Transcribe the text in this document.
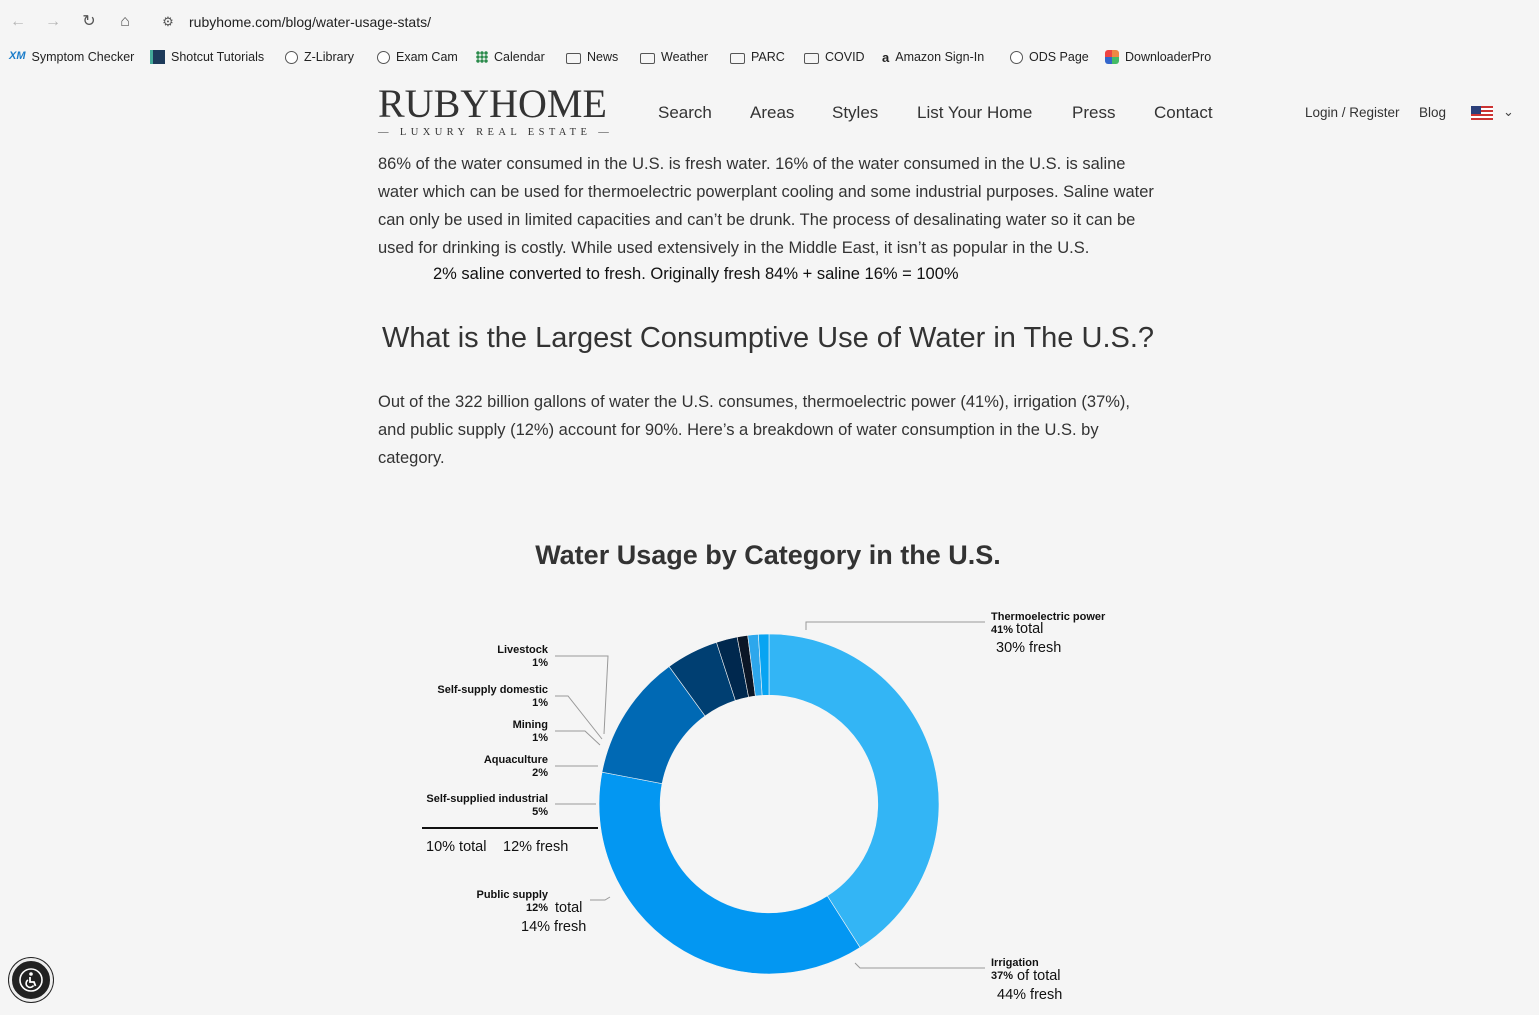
← → ↻	⌂	⚙ rubyhome.com/blog/water-usage-stats/
XM Symptom Checker	Shotcut Tutorials	Z-Library	Exam Cam	Calendar	News	Weather	PARC	COVID a Amazon Sign-In	ODS Page	DownloaderPro
RUBYHOME
— LUXURY REAL ESTATE —
Search Areas Styles List Your Home Press Contact	Login / Register Blog	⌄
86% of the water consumed in the U.S. is fresh water. 16% of the water consumed in the U.S. is saline water which can be used for thermoelectric powerplant cooling and some industrial purposes. Saline water can only be used in limited capacities and can’t be drunk. The process of desalinating water so it can be used for drinking is costly. While used extensively in the Middle East, it isn’t as popular in the U.S.
2% saline converted to fresh. Originally fresh 84% + saline 16% = 100%
What is the Largest Consumptive Use of Water in The U.S.?
Out of the 322 billion gallons of water the U.S. consumes, thermoelectric power (41%), irrigation (37%), and public supply (12%) account for 90%. Here’s a breakdown of water consumption in the U.S. by category.
Water Usage by Category in the U.S.
Thermoelectric power
41% total
30% fresh
Irrigation
37% of total
44% fresh
Public supply
12% total
14% fresh
Self-supplied industrial
5%
Aquaculture
2%
Mining
1%
Self-supply domestic
1%
Livestock
1%
10% total 12% fresh
